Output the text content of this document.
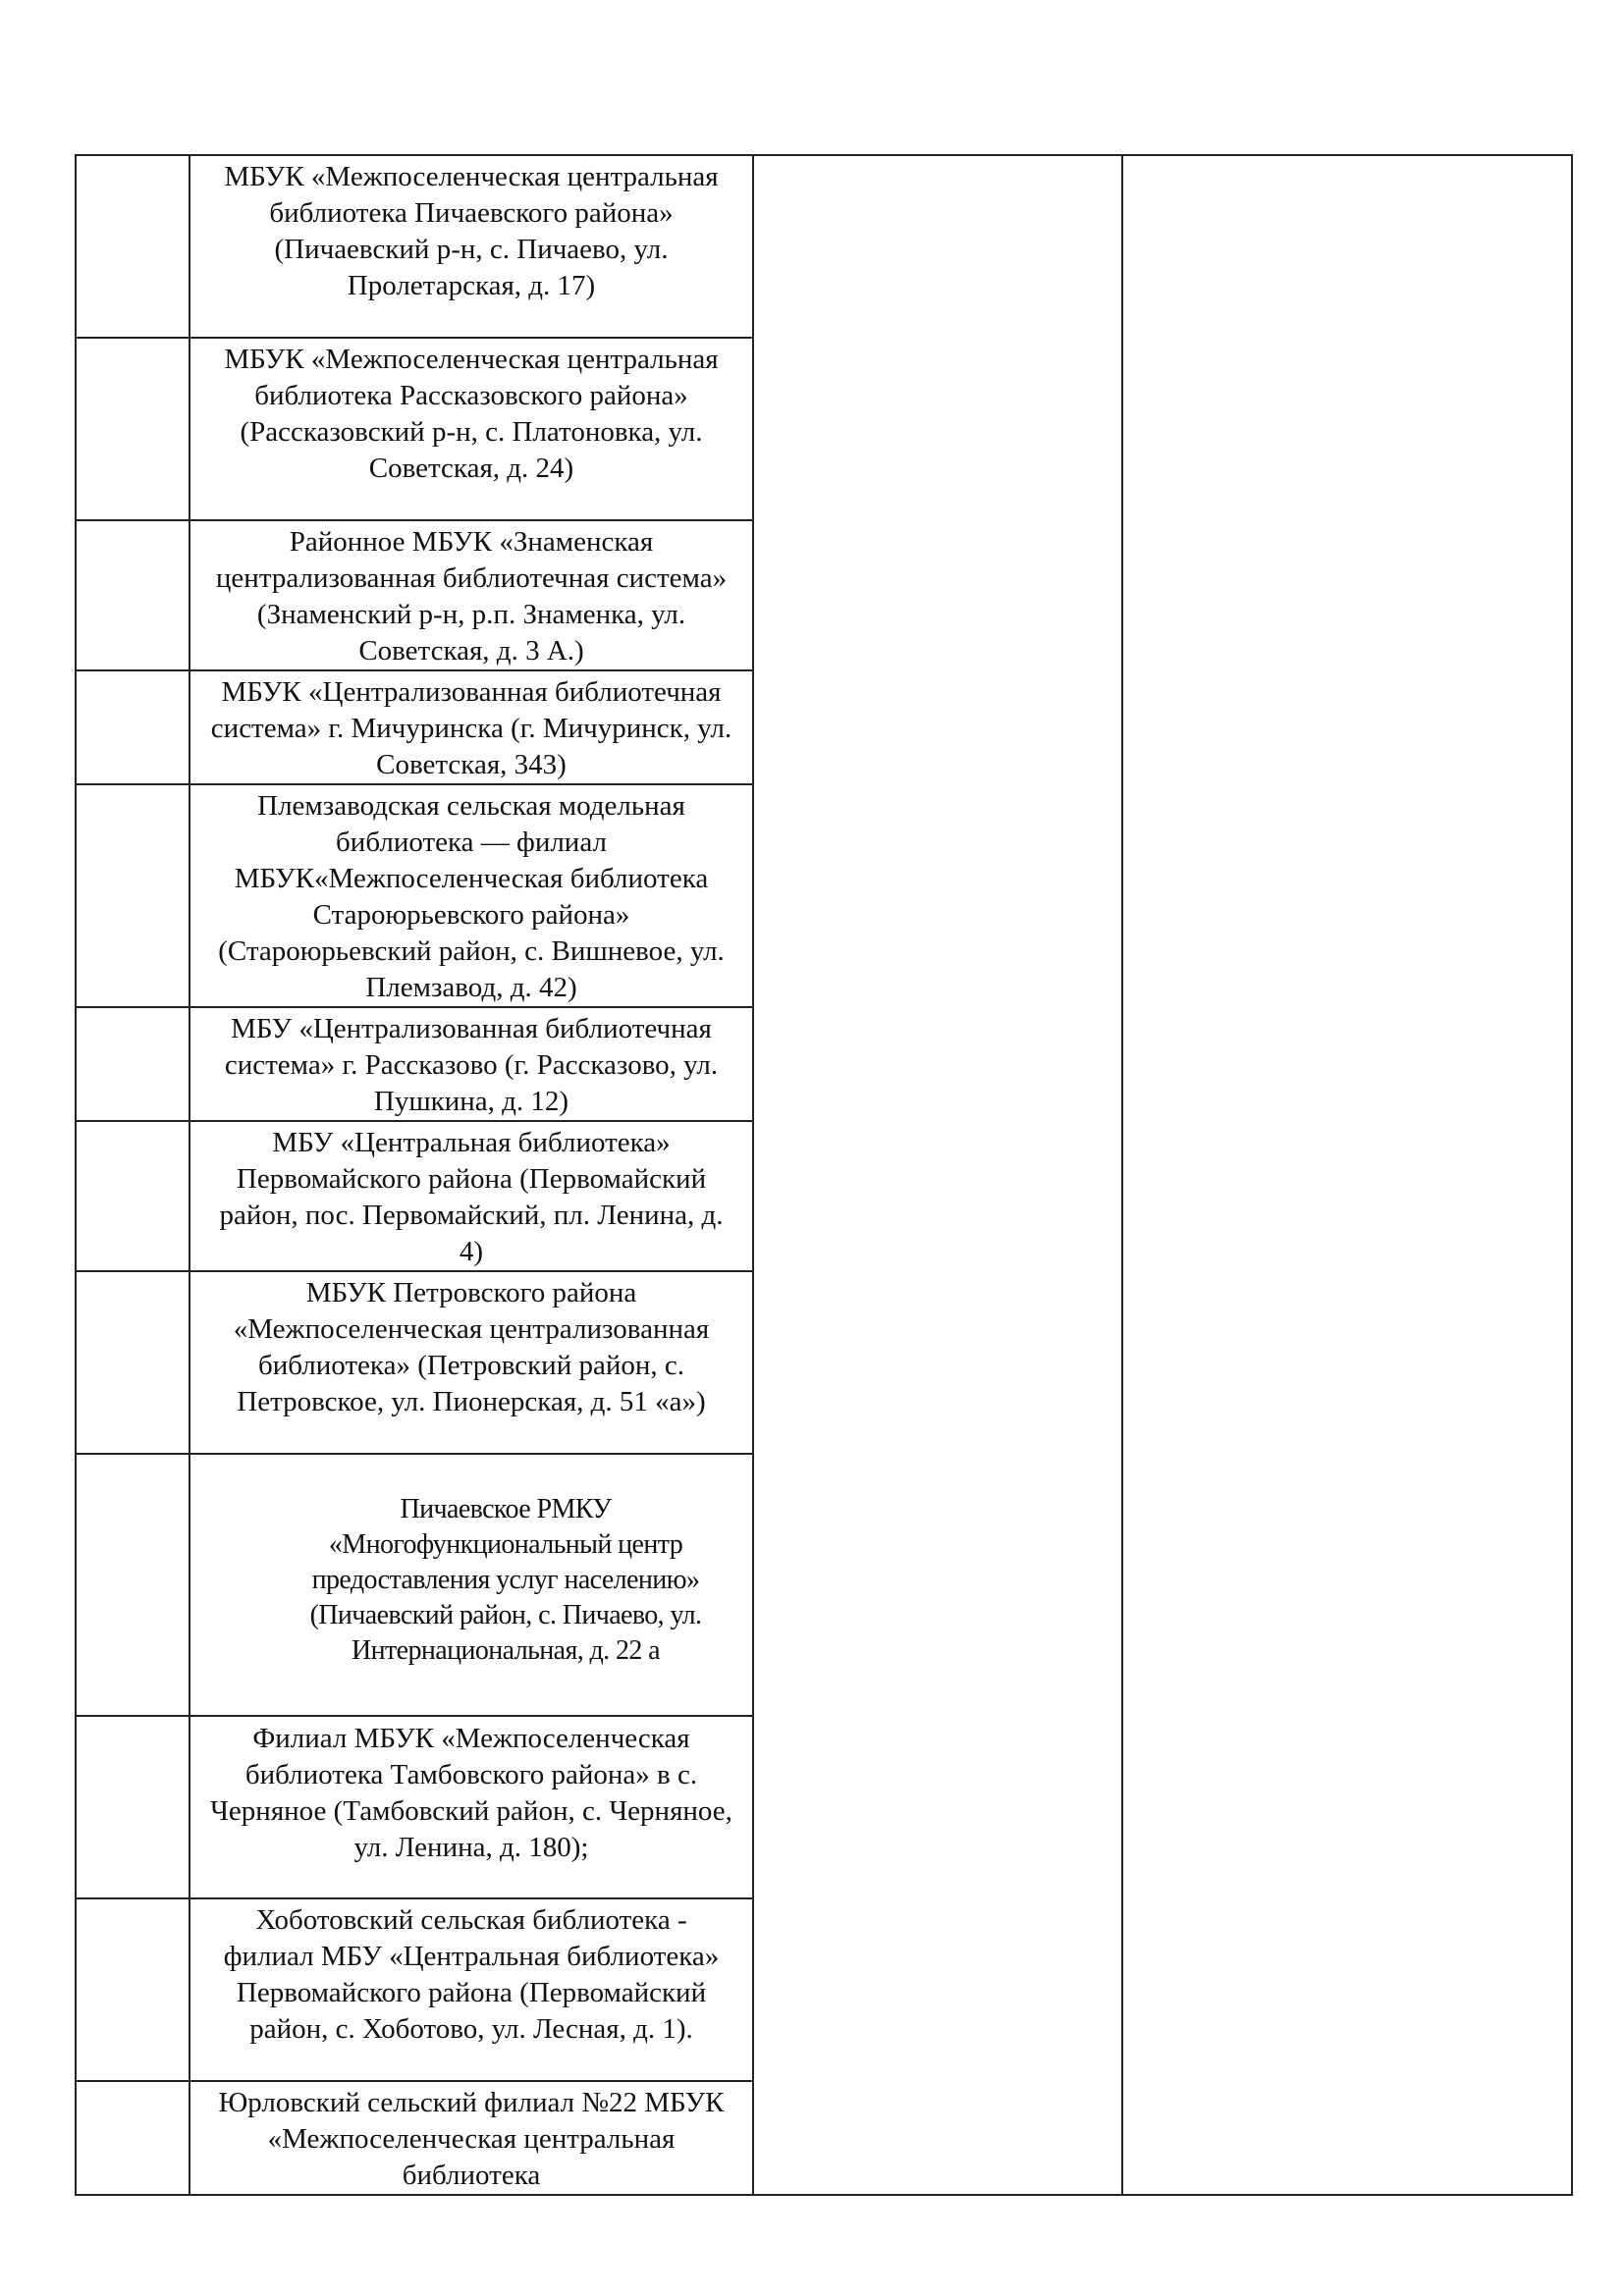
	МБУК «Межпоселенческая центральная библиотека Пичаевского района» (Пичаевский р-н, с. Пичаево, ул. Пролетарская, д. 17)		

	МБУК «Межпоселенческая центральная библиотека Рассказовского района» (Рассказовский р-н, с. Платоновка, ул. Советская, д. 24)		

	Районное МБУК «Знаменская централизованная библиотечная система» (Знаменский р-н, р.п. Знаменка, ул. Советская, д. 3 А.)		

	МБУК «Централизованная библиотечная система» г. Мичуринска (г. Мичуринск, ул. Советская, 343)		

	Племзаводская сельская модельная библиотека — филиал МБУК«Межпоселенческая библиотека Староюрьевского района» (Староюрьевский район, с. Вишневое, ул. Племзавод, д. 42)		

	МБУ «Централизованная библиотечная система» г. Рассказово (г. Рассказово, ул. Пушкина, д. 12)		

	МБУ «Центральная библиотека» Первомайского района (Первомайский район, пос. Первомайский, пл. Ленина, д. 4)		

	МБУК Петровского района «Межпоселенческая централизованная библиотека» (Петровский район, с. Петровское, ул. Пионерская, д. 51 «а»)		

	Пичаевское РМКУ «Многофункциональный центр предоставления услуг населению» (Пичаевский район, с. Пичаево, ул. Интернациональная, д. 22 а		

	Филиал МБУК «Межпоселенческая библиотека Тамбовского района» в с. Черняное (Тамбовский район, с. Черняное, ул. Ленина, д. 180);		

	Хоботовский сельская библиотека - филиал МБУ «Центральная библиотека» Первомайского района (Первомайский район, с. Хоботово, ул. Лесная, д. 1).		

	Юрловский сельский филиал №22 МБУК «Межпоселенческая центральная библиотека		
